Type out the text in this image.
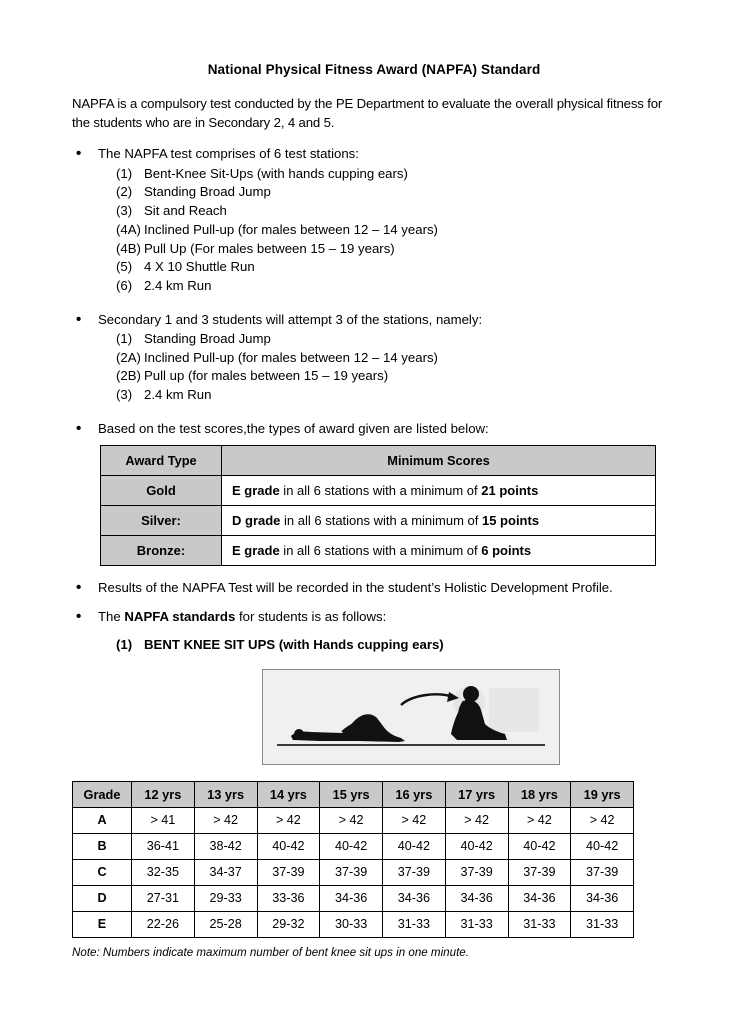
National Physical Fitness Award (NAPFA) Standard

NAPFA is a compulsory test conducted by the PE Department to evaluate the overall physical fitness for the students who are in Secondary 2, 4 and 5.

•	The NAPFA test comprises of 6 test stations:
(1) Bent-Knee Sit-Ups (with hands cupping ears)
(2) Standing Broad Jump
(3) Sit and Reach
(4A) Inclined Pull-up (for males between 12 – 14 years)
(4B) Pull Up (For males between 15 – 19 years)
(5) 4 X 10 Shuttle Run
(6) 2.4 km Run
•	Secondary 1 and 3 students will attempt 3 of the stations, namely:
(1) Standing Broad Jump
(2A) Inclined Pull-up (for males between 12 – 14 years)
(2B) Pull up (for males between 15 – 19 years)
(3) 2.4 km Run
•	Based on the test scores,the types of award given are listed below:
Award Type	Minimum Scores
Gold	E grade in all 6 stations with a minimum of 21 points
Silver:	D grade in all 6 stations with a minimum of 15 points
Bronze:	E grade in all 6 stations with a minimum of 6 points
•	Results of the NAPFA Test will be recorded in the student’s Holistic Development Profile.
•	The NAPFA standards for students is as follows:
(1) BENT KNEE SIT UPS (with Hands cupping ears)
Grade	12 yrs	13 yrs	14 yrs	15 yrs	16 yrs	17 yrs	18 yrs	19 yrs
A	> 41	> 42	> 42	> 42	> 42	> 42	> 42	> 42
B	36-41	38-42	40-42	40-42	40-42	40-42	40-42	40-42
C	32-35	34-37	37-39	37-39	37-39	37-39	37-39	37-39
D	27-31	29-33	33-36	34-36	34-36	34-36	34-36	34-36
E	22-26	25-28	29-32	30-33	31-33	31-33	31-33	31-33

Note: Numbers indicate maximum number of bent knee sit ups in one minute.
